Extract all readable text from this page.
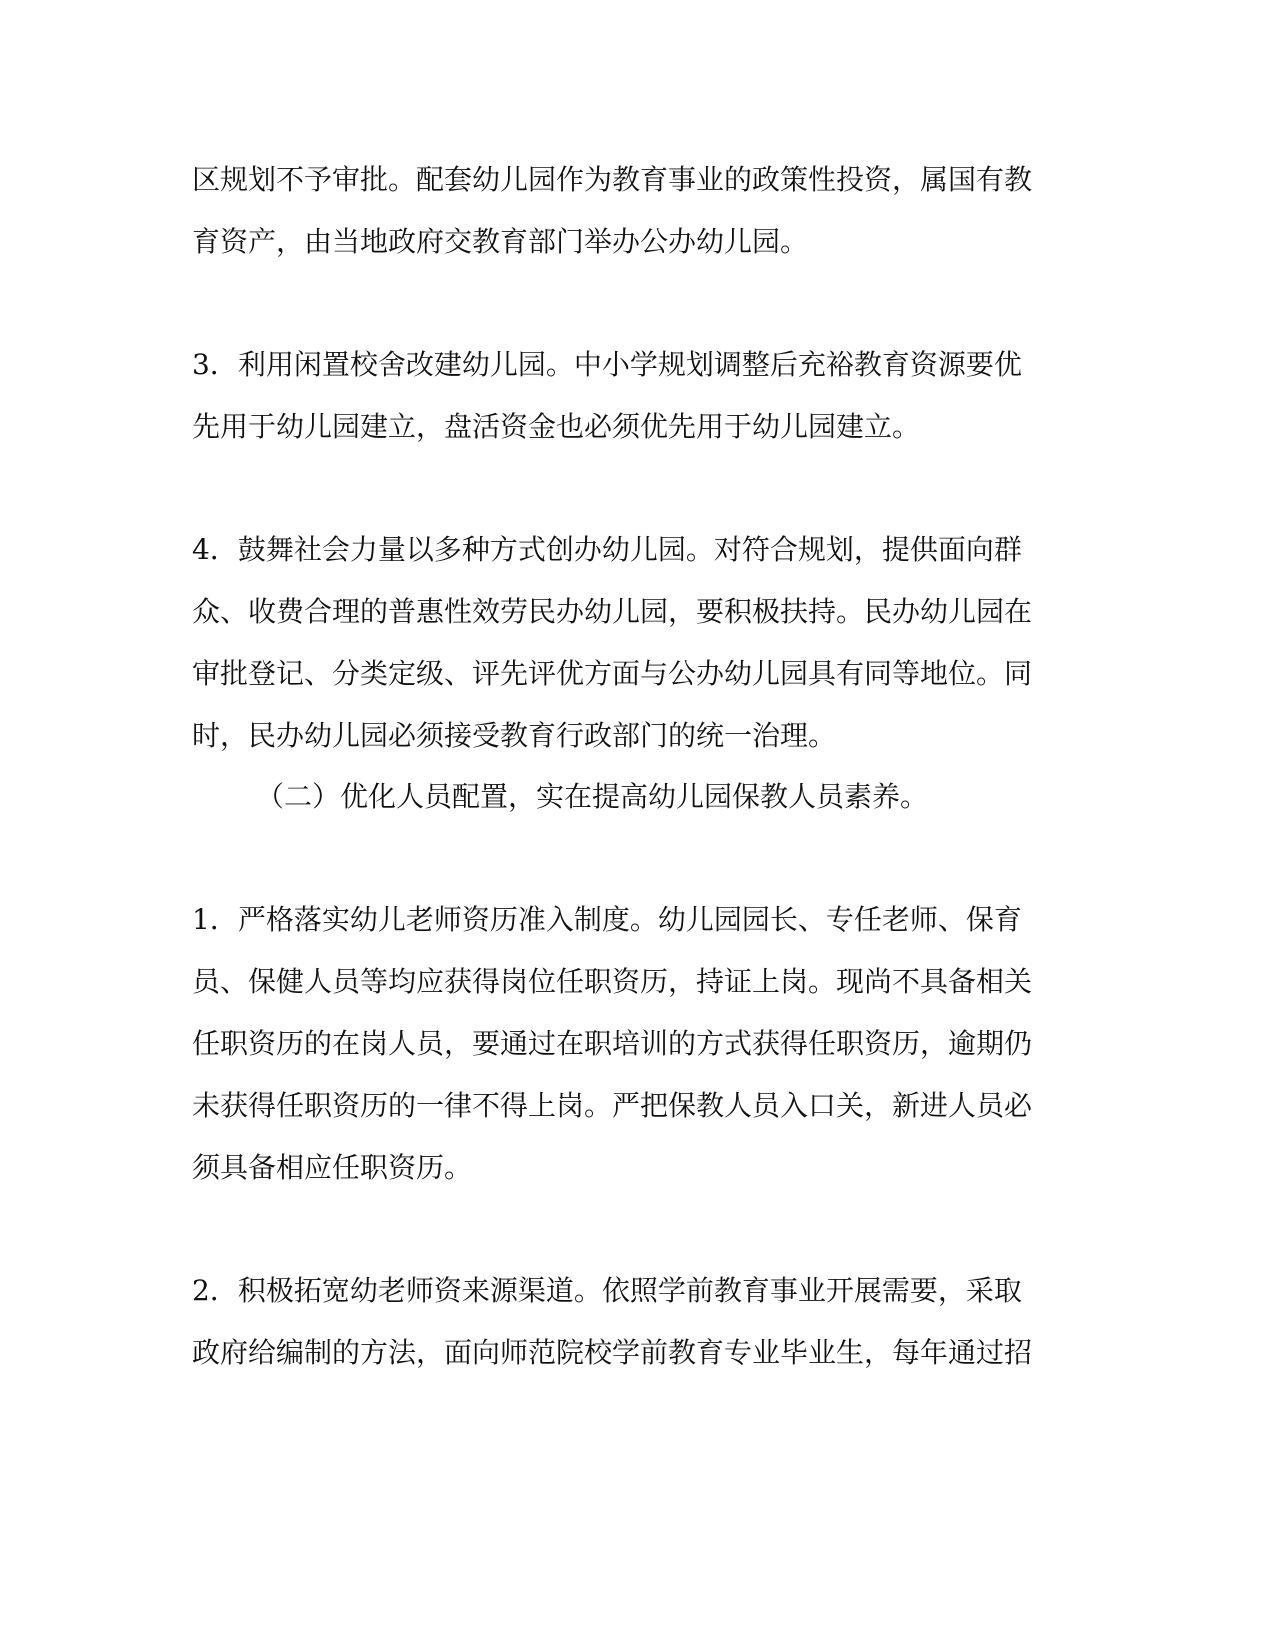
区规划不予审批。配套幼儿园作为教育事业的政策性投资，属国有教
育资产，由当地政府交教育部门举办公办幼儿园。
3．利用闲置校舍改建幼儿园。中小学规划调整后充裕教育资源要优
先用于幼儿园建立，盘活资金也必须优先用于幼儿园建立。
4．鼓舞社会力量以多种方式创办幼儿园。对符合规划，提供面向群
众、收费合理的普惠性效劳民办幼儿园，要积极扶持。民办幼儿园在
审批登记、分类定级、评先评优方面与公办幼儿园具有同等地位。同
时，民办幼儿园必须接受教育行政部门的统一治理。
（二）优化人员配置，实在提高幼儿园保教人员素养。
1．严格落实幼儿老师资历准入制度。幼儿园园长、专任老师、保育
员、保健人员等均应获得岗位任职资历，持证上岗。现尚不具备相关
任职资历的在岗人员，要通过在职培训的方式获得任职资历，逾期仍
未获得任职资历的一律不得上岗。严把保教人员入口关，新进人员必
须具备相应任职资历。
2．积极拓宽幼老师资来源渠道。依照学前教育事业开展需要，采取
政府给编制的方法，面向师范院校学前教育专业毕业生，每年通过招
